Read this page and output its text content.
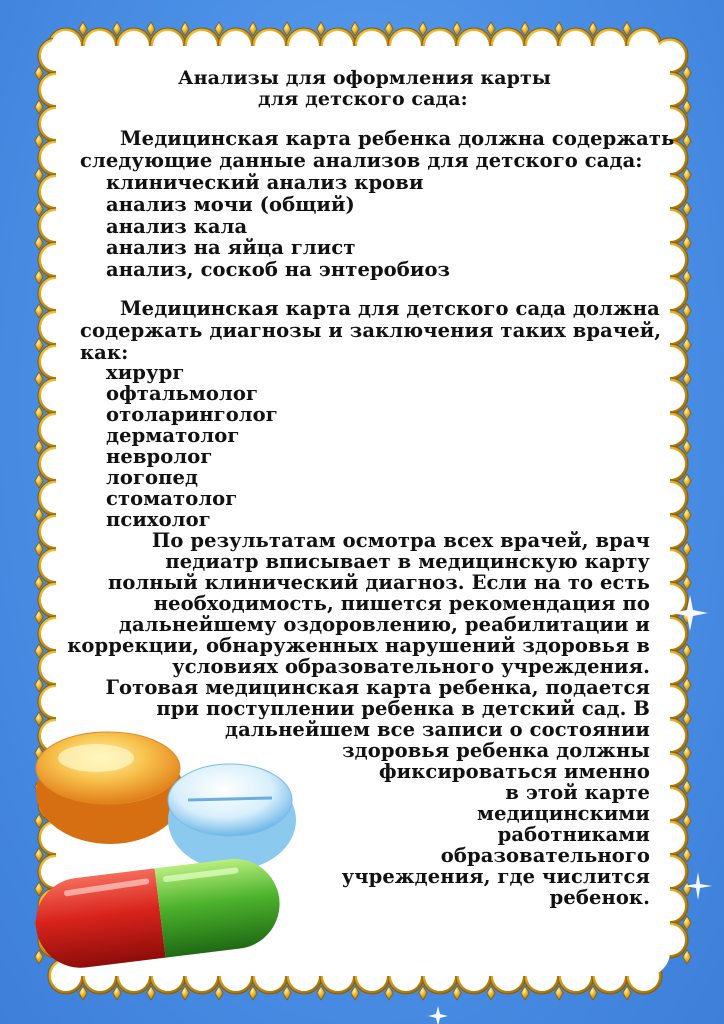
Анализы для оформления карты
для детского сада:
Медицинская карта ребенка должна содержать
следующие данные анализов для детского сада:
клинический анализ крови
анализ мочи (общий)
анализ кала
анализ на яйца глист
анализ, соскоб на энтеробиоз
Медицинская карта для детского сада должна
содержать диагнозы и заключения таких врачей,
как:
хирург
офтальмолог
отоларинголог
дерматолог
невролог
логопед
стоматолог
психолог
По результатам осмотра всех врачей, врач
педиатр вписывает в медицинскую карту
полный клинический диагноз. Если на то есть
необходимость, пишется рекомендация по
дальнейшему оздоровлению, реабилитации и
коррекции, обнаруженных нарушений здоровья в
условиях образовательного учреждения.
Готовая медицинская карта ребенка, подается
при поступлении ребенка в детский сад. В
дальнейшем все записи о состоянии
здоровья ребенка должны
фиксироваться именно
в этой карте
медицинскими
работниками
образовательного
учреждения, где числится
ребенок.
